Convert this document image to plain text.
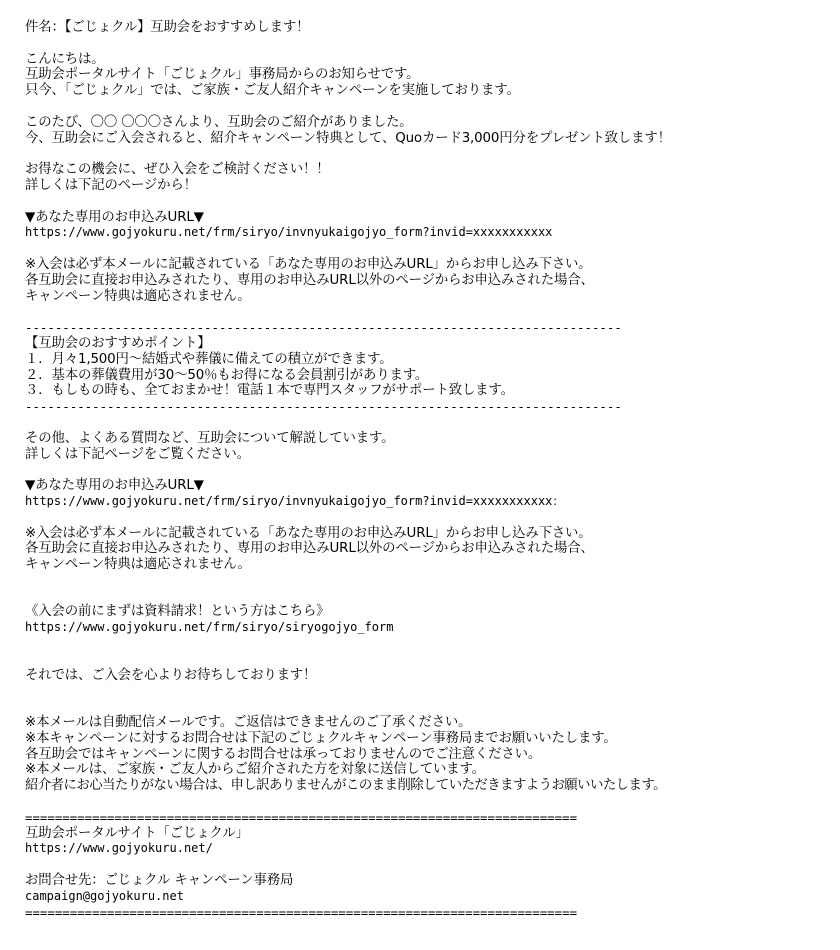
件名：【ごじょクル】互助会をおすすめします！
こんにちは。
互助会ポータルサイト「ごじょクル」事務局からのお知らせです。
只今、「ごじょクル」では、ご家族・ご友人紹介キャンペーンを実施しております。
このたび、〇〇 〇〇〇さんより、互助会のご紹介がありました。
今、互助会にご入会されると、紹介キャンペーン特典として、Quoカード3,000円分をプレゼント致します！
お得なこの機会に、ぜひ入会をご検討ください！！
詳しくは下記のページから！
▼あなた専用のお申込みURL▼
https://www.gojyokuru.net/frm/siryo/invnyukaigojyo_form?invid=xxxxxxxxxxx
※入会は必ず本メールに記載されている「あなた専用のお申込みURL」からお申し込み下さい。
各互助会に直接お申込みされたり、専用のお申込みURL以外のページからお申込みされた場合、
キャンペーン特典は適応されません。
--------------------------------------------------------------------------------
【互助会のおすすめポイント】
１．月々1,500円～結婚式や葬儀に備えての積立ができます。
２．基本の葬儀費用が30～50％もお得になる会員割引があります。
３．もしもの時も、全ておまかせ！電話１本で専門スタッフがサポート致します。
--------------------------------------------------------------------------------
その他、よくある質問など、互助会について解説しています。
詳しくは下記ページをご覧ください。
▼あなた専用のお申込みURL▼
https://www.gojyokuru.net/frm/siryo/invnyukaigojyo_form?invid=xxxxxxxxxxx：
※入会は必ず本メールに記載されている「あなた専用のお申込みURL」からお申し込み下さい。
各互助会に直接お申込みされたり、専用のお申込みURL以外のページからお申込みされた場合、
キャンペーン特典は適応されません。
《入会の前にまずは資料請求！という方はこちら》
https://www.gojyokuru.net/frm/siryo/siryogojyo_form
それでは、ご入会を心よりお待ちしております！
※本メールは自動配信メールです。ご返信はできませんのご了承ください。
※本キャンペーンに対するお問合せは下記のごじょクルキャンペーン事務局までお願いいたします。
各互助会ではキャンペーンに関するお問合せは承っておりませんのでご注意ください。
※本メールは、ご家族・ご友人からご紹介された方を対象に送信しています。
紹介者にお心当たりがない場合は、申し訳ありませんがこのまま削除していただきますようお願いいたします。
==========================================================================
互助会ポータルサイト「ごじょクル」
https://www.gojyokuru.net/
お問合せ先：ごじょクル キャンペーン事務局
campaign@gojyokuru.net
==========================================================================
